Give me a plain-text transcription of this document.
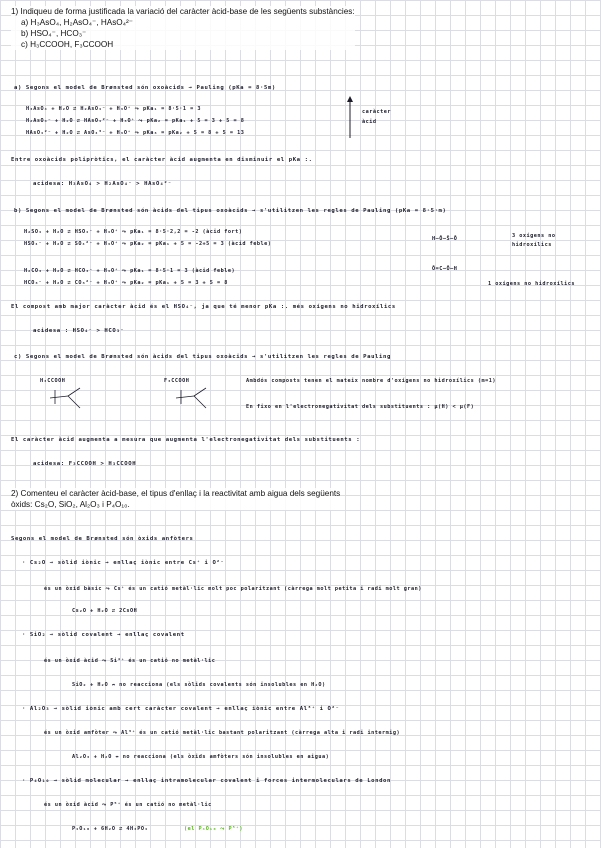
1) Indiqueu de forma justificada la variació del caràcter àcid-base de les següents substàncies:
a) H₃AsO₄, H₂AsO₄⁻, HAsO₄²⁻
b) HSO₄⁻, HCO₃⁻
c) H₃CCOOH, F₃CCOOH
a) Segons el model de Brønsted són oxoàcids → Pauling (pKa = 8·5m)
H₃AsO₄ + H₂O ⇌ H₂AsO₄⁻ + H₃O⁺ ⤳ pKa₁ = 8·5·1 = 3
H₂AsO₄⁻ + H₂O ⇌ HAsO₄²⁻ + H₃O⁺ ⤳ pKa₂ = pKa₁ + 5 = 3 + 5 = 8
HAsO₄²⁻ + H₂O ⇌ AsO₄³⁻ + H₃O⁺ ⤳ pKa₃ = pKa₂ + 5 = 8 + 5 = 13
caràcter
àcid
Entre oxoàcids polipròtics, el caràcter àcid augmenta en disminuir el pKa :.
acidesa: H₃AsO₄ > H₂AsO₄⁻ > HAsO₄²⁻
b) Segons el model de Brønsted són àcids del tipus oxoàcids → s'utilitzen les regles de Pauling (pKa = 8·5·m)
H₂SO₄ + H₂O ⇌ HSO₄⁻ + H₃O⁺ ⤳ pKa₁ = 8·5·2,2 = -2 (àcid fort)
HSO₄⁻ + H₂O ⇌ SO₄²⁻ + H₃O⁺ ⤳ pKa₂ = pKa₁ + 5 = -2+5 = 3 (àcid feble)
H₂CO₃ + H₂O ⇌ HCO₃⁻ + H₃O⁺ ⤳ pKa₁ = 8·5·1 = 3 (àcid feble)
HCO₃⁻ + H₂O ⇌ CO₃²⁻ + H₃O⁺ ⤳ pKa₂ = pKa₁ + 5 = 3 + 5 = 8
H–Ō–S̈–Ō	3 oxígens no hidroxílics
Ō=C–Ō–H
1 oxígens no hidroxílics
El compost amb major caràcter àcid és el HSO₄⁻, ja que té menor pKa :. més oxígens no hidroxílics
acidesa : HSO₄⁻ > HCO₃⁻
c) Segons el model de Brønsted són àcids del tipus oxoàcids → s'utilitzen les regles de Pauling
H₃CCOOH	F₃CCOOH	Ambdós composts tenen el mateix nombre d'oxígens no hidroxílics (m=1)
En fixo en l'electronegativitat dels substituents : μ(H) < μ(F)
El caràcter àcid augmenta a mesura que augmenta l'electronegativitat dels substituents :
acidesa: F₃CCOOH > H₃CCOOH
2) Comenteu el caràcter àcid-base, el tipus d'enllaç i la reactivitat amb aigua dels següents
òxids: Cs₂O, SiO₂, Al₂O₃ i P₄O₁₀.
Segons el model de Brønsted són òxids anfòters
· Cs₂O → sòlid iònic → enllaç iònic entre Cs⁺ i O²⁻
és un òxid bàsic ⤳ Cs⁺ és un catió metàl·lic molt poc polaritzant (càrrega molt petita i radi molt gran)
Cs₂O + H₂O ⇌ 2CsOH
· SiO₂ → sòlid covalent → enllaç covalent
és un òxid àcid ⤳ Si⁴⁺ és un catió no metàl·lic
SiO₂ + H₂O ↛ no reacciona (els sòlids covalents són insolubles en H₂O)
· Al₂O₃ → sòlid iònic amb cert caràcter covalent → enllaç iònic entre Al³⁺ i O²⁻
és un òxid amfòter ⤳ Al³⁺ és un catió metàl·lic bastant polaritzant (càrrega alta i radi intermig)
Al₂O₃ + H₂O ↛ no reacciona (els òxids amfòters són insolubles en aigua)
· P₄O₁₀ → sòlid molecular → enllaç intramolecular covalent i forces intermoleculars de London
és un òxid àcid ⤳ P⁵⁺ és un catió no metàl·lic
P₄O₁₀ + 6H₂O ⇌ 4H₃PO₄	(el P₄O₁₀ ⤳ P⁵⁺)
